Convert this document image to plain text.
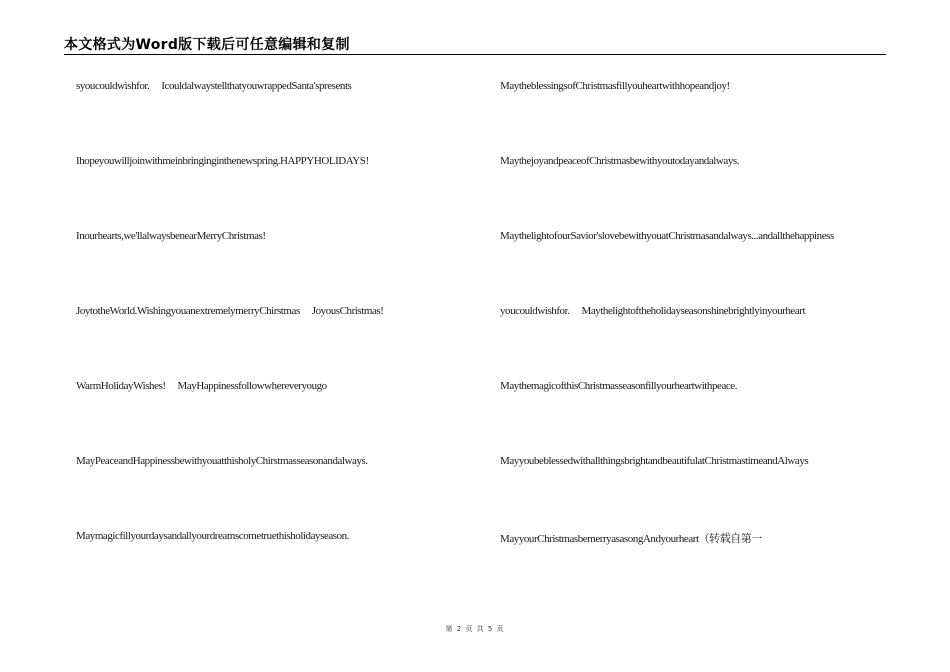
本文格式为Word版下载后可任意编辑和复制
syoucouldwishfor. IcouldalwaystellthatyouwrappedSanta'spresents
Ihopeyouwilljoinwithmeinbringinginthenewspring.HAPPYHOLIDAYS!
Inourhearts,we'llalwaysbenearMerryChristmas!
JoytotheWorld.WishingyouanextremelymerryChirstmas JoyousChristmas!
WarmHolidayWishes! MayHappinessfollowwhereveryougo
MayPeaceandHappinessbewithyouatthisholyChirstmasseasonandalways.
Maymagicfillyourdaysandallyourdreamscometruethisholidayseason.
MaytheblessingsofChristmasfillyouheartwithhopeandjoy!
MaythejoyandpeaceofChristmasbewithyoutodayandalways.
MaythelightofourSavior'slovebewithyouatChristmasandalways...andallthehappiness
youcouldwishfor. Maythelightoftheholidayseasonshinebrightlyinyourheart
MaythemagicofthisChristmasseasonfillyourheartwithpeace.
MayyoubeblessedwithallthingsbrightandbeautifulatChristmastimeandAlways
MayyourChristmasbemerryasasongAndyourheart（转载自第一
第 2 页 共 5 页
